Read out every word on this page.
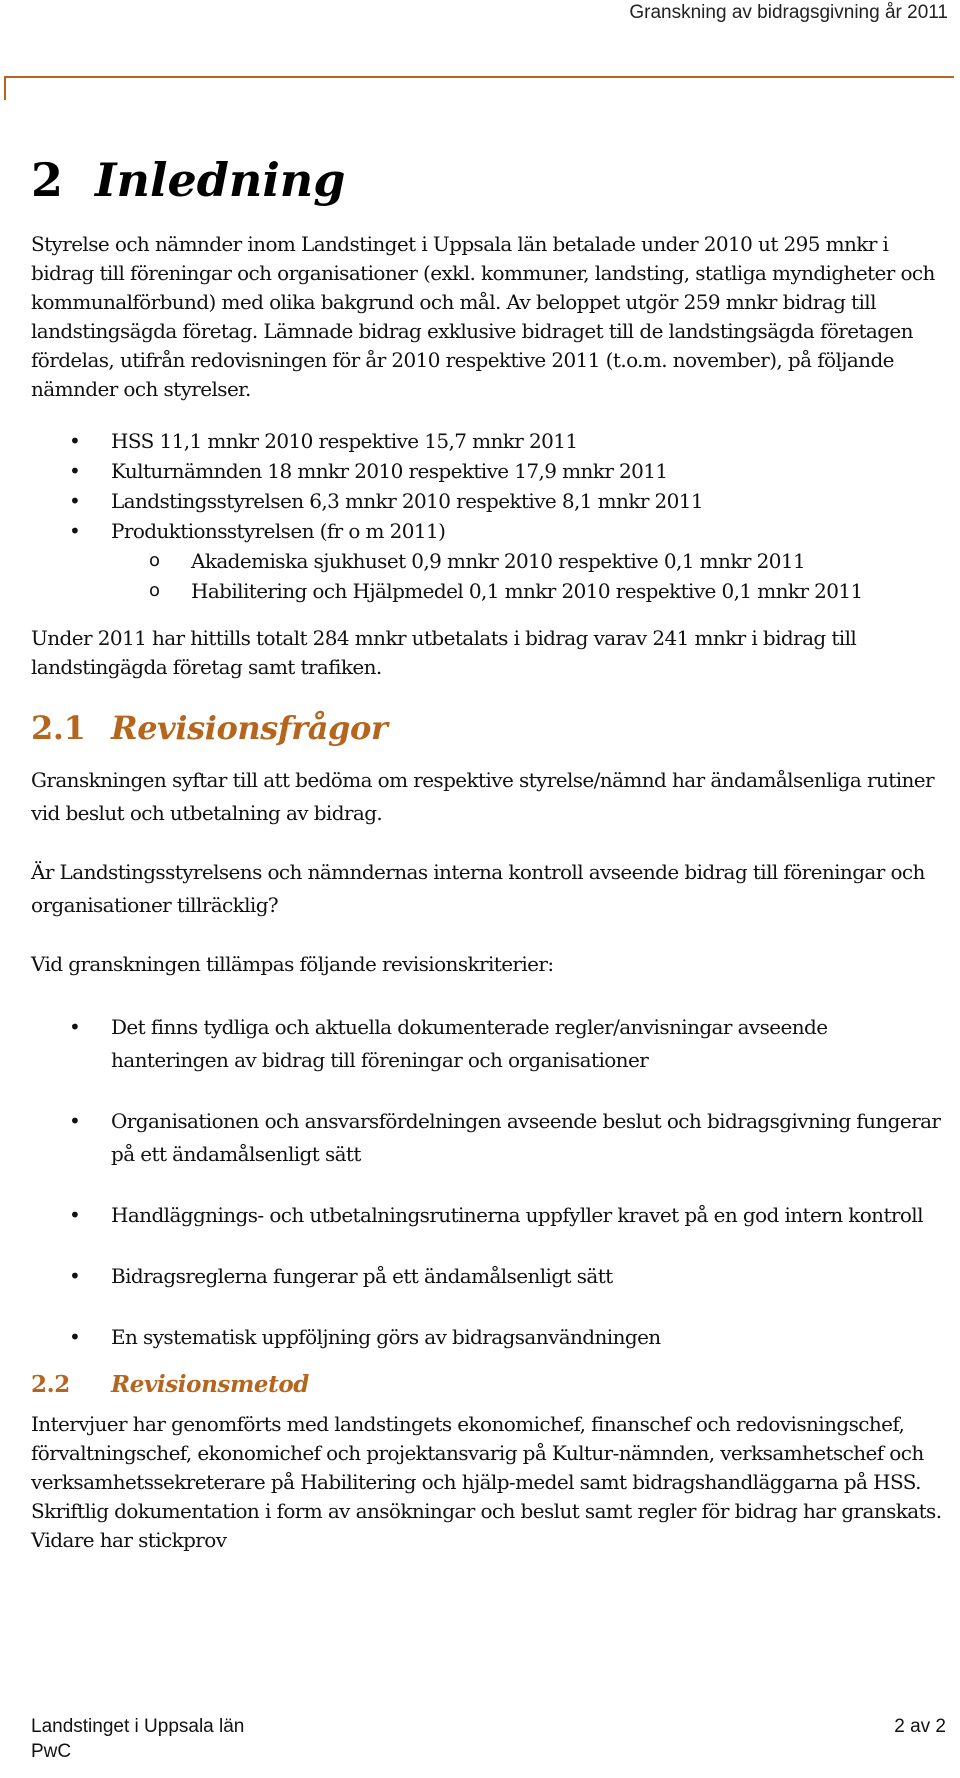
Granskning av bidragsgivning år 2011
2 Inledning

Styrelse och nämnder inom Landstinget i Uppsala län betalade under 2010 ut 295 mnkr i bidrag till föreningar och organisationer (exkl. kommuner, landsting, statliga myndigheter och kommunalförbund) med olika bakgrund och mål. Av beloppet utgör 259 mnkr bidrag till landstingsägda företag. Lämnade bidrag exklusive bidraget till de landstingsägda företagen fördelas, utifrån redovisningen för år 2010 respektive 2011 (t.o.m. november), på följande nämnder och styrelser.

• HSS 11,1 mnkr 2010 respektive 15,7 mnkr 2011
• Kulturnämnden 18 mnkr 2010 respektive 17,9 mnkr 2011
• Landstingsstyrelsen 6,3 mnkr 2010 respektive 8,1 mnkr 2011
• Produktionsstyrelsen (fr o m 2011)
o Akademiska sjukhuset 0,9 mnkr 2010 respektive 0,1 mnkr 2011
o Habilitering och Hjälpmedel 0,1 mnkr 2010 respektive 0,1 mnkr 2011

Under 2011 har hittills totalt 284 mnkr utbetalats i bidrag varav 241 mnkr i bidrag till landstingägda företag samt trafiken.

2.1 Revisionsfrågor

Granskningen syftar till att bedöma om respektive styrelse/nämnd har ändamålsenliga rutiner vid beslut och utbetalning av bidrag.

Är Landstingsstyrelsens och nämndernas interna kontroll avseende bidrag till föreningar och organisationer tillräcklig?

Vid granskningen tillämpas följande revisionskriterier:

• Det finns tydliga och aktuella dokumenterade regler/anvisningar avseende hanteringen av bidrag till föreningar och organisationer
• Organisationen och ansvarsfördelningen avseende beslut och bidragsgivning fungerar på ett ändamålsenligt sätt
• Handläggnings- och utbetalningsrutinerna uppfyller kravet på en god intern kontroll
• Bidragsreglerna fungerar på ett ändamålsenligt sätt
• En systematisk uppföljning görs av bidragsanvändningen
2.2 Revisionsmetod

Intervjuer har genomförts med landstingets ekonomichef, finanschef och redovisningschef, förvaltningschef, ekonomichef och projektansvarig på Kultur-nämnden, verksamhetschef och verksamhetssekreterare på Habilitering och hjälp-medel samt bidragshandläggarna på HSS. Skriftlig dokumentation i form av ansökningar och beslut samt regler för bidrag har granskats. Vidare har stickprov

Landstinget i Uppsala län
PwC
2 av 2
